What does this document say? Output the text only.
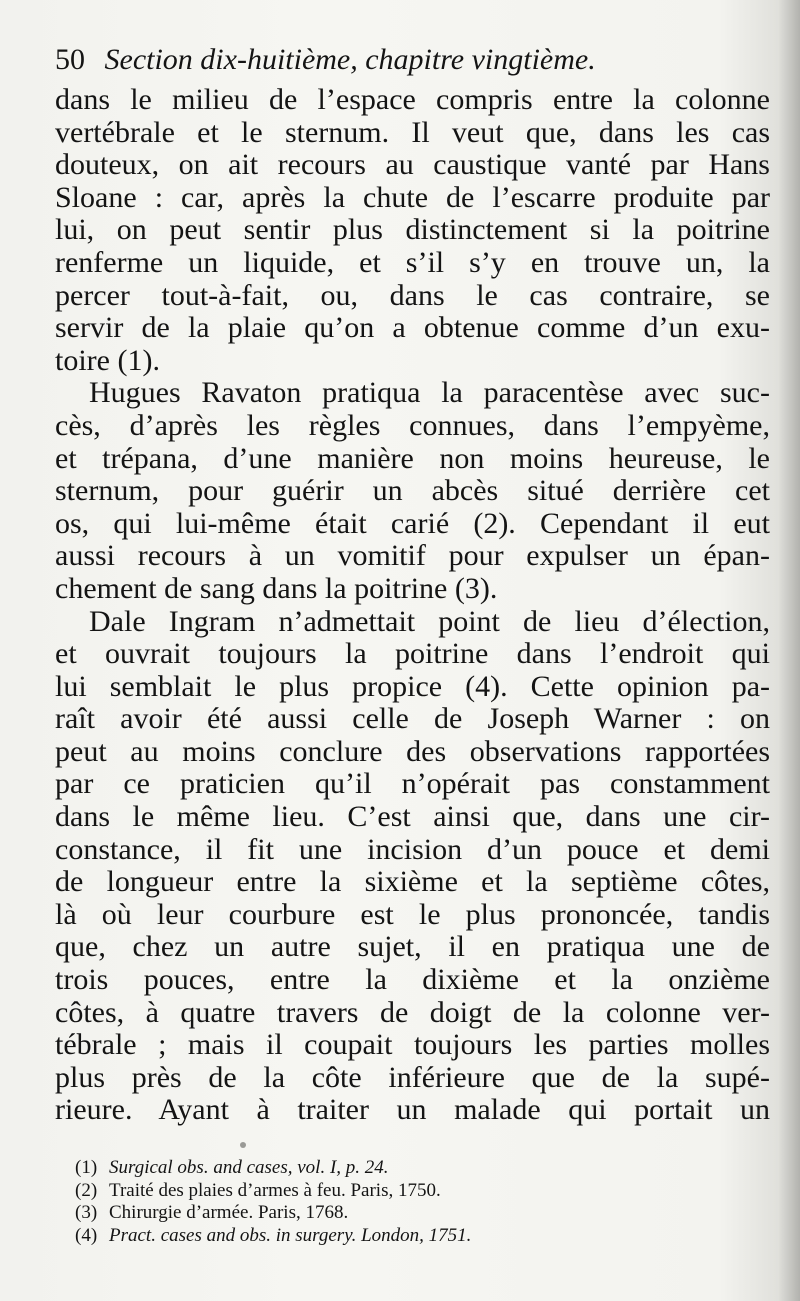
50 Section dix-huitième, chapitre vingtième.
dans le milieu de l’espace compris entre la colonne
vertébrale et le sternum. Il veut que, dans les cas
douteux, on ait recours au caustique vanté par Hans
Sloane : car, après la chute de l’escarre produite par
lui, on peut sentir plus distinctement si la poitrine
renferme un liquide, et s’il s’y en trouve un, la
percer tout-à-fait, ou, dans le cas contraire, se
servir de la plaie qu’on a obtenue comme d’un exu-
toire (1).
Hugues Ravaton pratiqua la paracentèse avec suc-
cès, d’après les règles connues, dans l’empyème,
et trépana, d’une manière non moins heureuse, le
sternum, pour guérir un abcès situé derrière cet
os, qui lui-même était carié (2). Cependant il eut
aussi recours à un vomitif pour expulser un épan-
chement de sang dans la poitrine (3).
Dale Ingram n’admettait point de lieu d’élection,
et ouvrait toujours la poitrine dans l’endroit qui
lui semblait le plus propice (4). Cette opinion pa-
raît avoir été aussi celle de Joseph Warner : on
peut au moins conclure des observations rapportées
par ce praticien qu’il n’opérait pas constamment
dans le même lieu. C’est ainsi que, dans une cir-
constance, il fit une incision d’un pouce et demi
de longueur entre la sixième et la septième côtes,
là où leur courbure est le plus prononcée, tandis
que, chez un autre sujet, il en pratiqua une de
trois pouces, entre la dixième et la onzième
côtes, à quatre travers de doigt de la colonne ver-
tébrale ; mais il coupait toujours les parties molles
plus près de la côte inférieure que de la supé-
rieure. Ayant à traiter un malade qui portait un
(1) Surgical obs. and cases, vol. I, p. 24.
(2) Traité des plaies d’armes à feu. Paris, 1750.
(3) Chirurgie d’armée. Paris, 1768.
(4) Pract. cases and obs. in surgery. London, 1751.
